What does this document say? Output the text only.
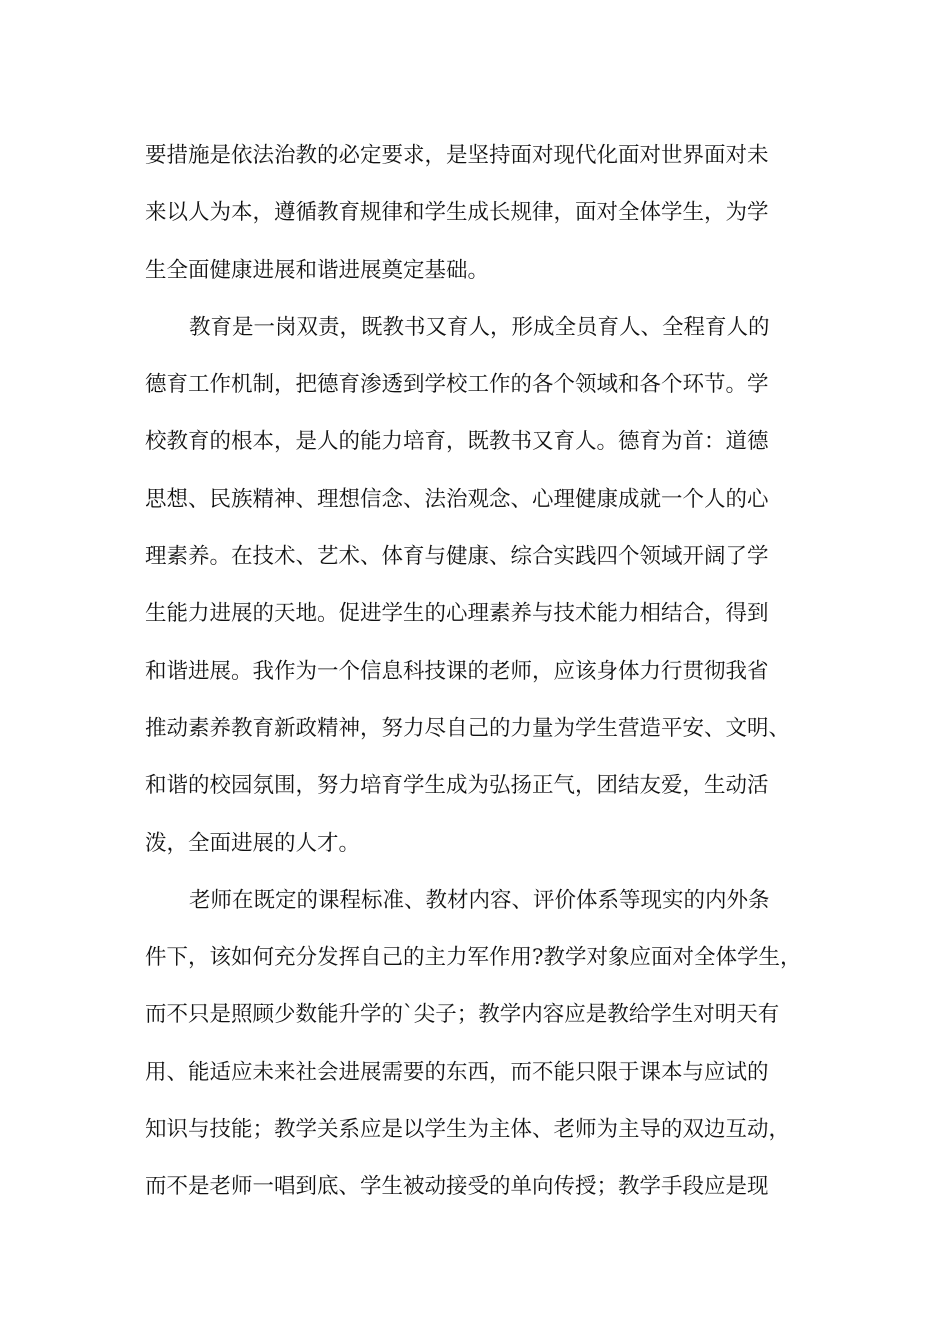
要措施是依法治教的必定要求，是坚持面对现代化面对世界面对未
来以人为本，遵循教育规律和学生成长规律，面对全体学生，为学
生全面健康进展和谐进展奠定基础。
教育是一岗双责，既教书又育人，形成全员育人、全程育人的
德育工作机制，把德育渗透到学校工作的各个领域和各个环节。学
校教育的根本，是人的能力培育，既教书又育人。德育为首：道德
思想、民族精神、理想信念、法治观念、心理健康成就一个人的心
理素养。在技术、艺术、体育与健康、综合实践四个领域开阔了学
生能力进展的天地。促进学生的心理素养与技术能力相结合，得到
和谐进展。我作为一个信息科技课的老师，应该身体力行贯彻我省
推动素养教育新政精神，努力尽自己的力量为学生营造平安、文明、
和谐的校园氛围，努力培育学生成为弘扬正气，团结友爱，生动活
泼，全面进展的人才。
老师在既定的课程标准、教材内容、评价体系等现实的内外条
件下，该如何充分发挥自己的主力军作用?教学对象应面对全体学生，
而不只是照顾少数能升学的`尖子；教学内容应是教给学生对明天有
用、能适应未来社会进展需要的东西，而不能只限于课本与应试的
知识与技能；教学关系应是以学生为主体、老师为主导的双边互动，
而不是老师一唱到底、学生被动接受的单向传授；教学手段应是现
